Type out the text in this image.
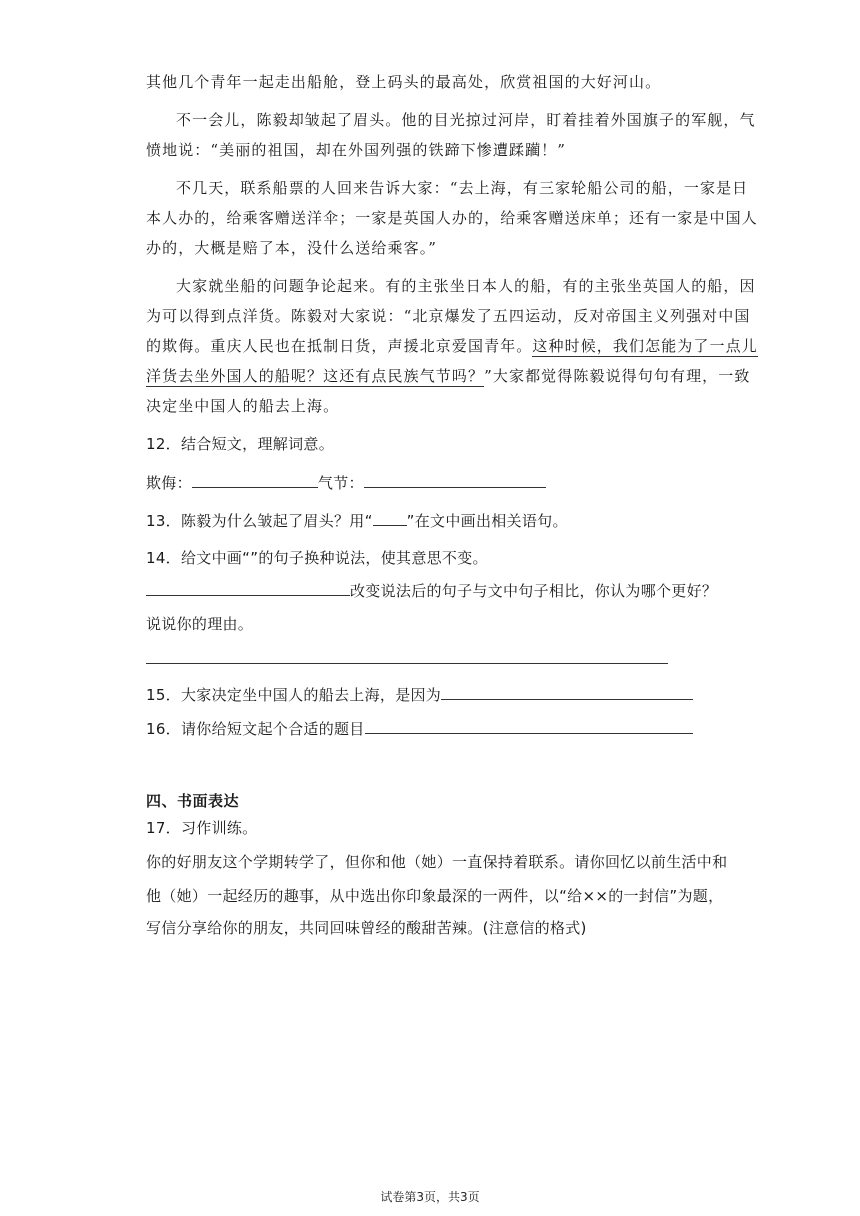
其他几个青年一起走出船舱，登上码头的最高处，欣赏祖国的大好河山。
不一会儿，陈毅却皱起了眉头。他的目光掠过河岸，盯着挂着外国旗子的军舰，气
愤地说：“美丽的祖国，却在外国列强的铁蹄下惨遭蹂躏！”
不几天，联系船票的人回来告诉大家：“去上海，有三家轮船公司的船，一家是日
本人办的，给乘客赠送洋伞；一家是英国人办的，给乘客赠送床单；还有一家是中国人
办的，大概是赔了本，没什么送给乘客。”
大家就坐船的问题争论起来。有的主张坐日本人的船，有的主张坐英国人的船，因
为可以得到点洋货。陈毅对大家说：“北京爆发了五四运动，反对帝国主义列强对中国
的欺侮。重庆人民也在抵制日货，声援北京爱国青年。这种时候，我们怎能为了一点儿
洋货去坐外国人的船呢？这还有点民族气节吗？”大家都觉得陈毅说得句句有理，一致
决定坐中国人的船去上海。
12．结合短文，理解词意。
欺侮：	气节：
13．陈毅为什么皱起了眉头？用“ ”在文中画出相关语句。
14．给文中画“”的句子换种说法，使其意思不变。
改变说法后的句子与文中句子相比，你认为哪个更好？
说说你的理由。
15．大家决定坐中国人的船去上海，是因为
16．请你给短文起个合适的题目
四、书面表达
17．习作训练。
你的好朋友这个学期转学了，但你和他（她）一直保持着联系。请你回忆以前生活中和
他（她）一起经历的趣事，从中选出你印象最深的一两件，以“给××的一封信”为题，
写信分享给你的朋友，共同回味曾经的酸甜苦辣。(注意信的格式)
试卷第3页，共3页
